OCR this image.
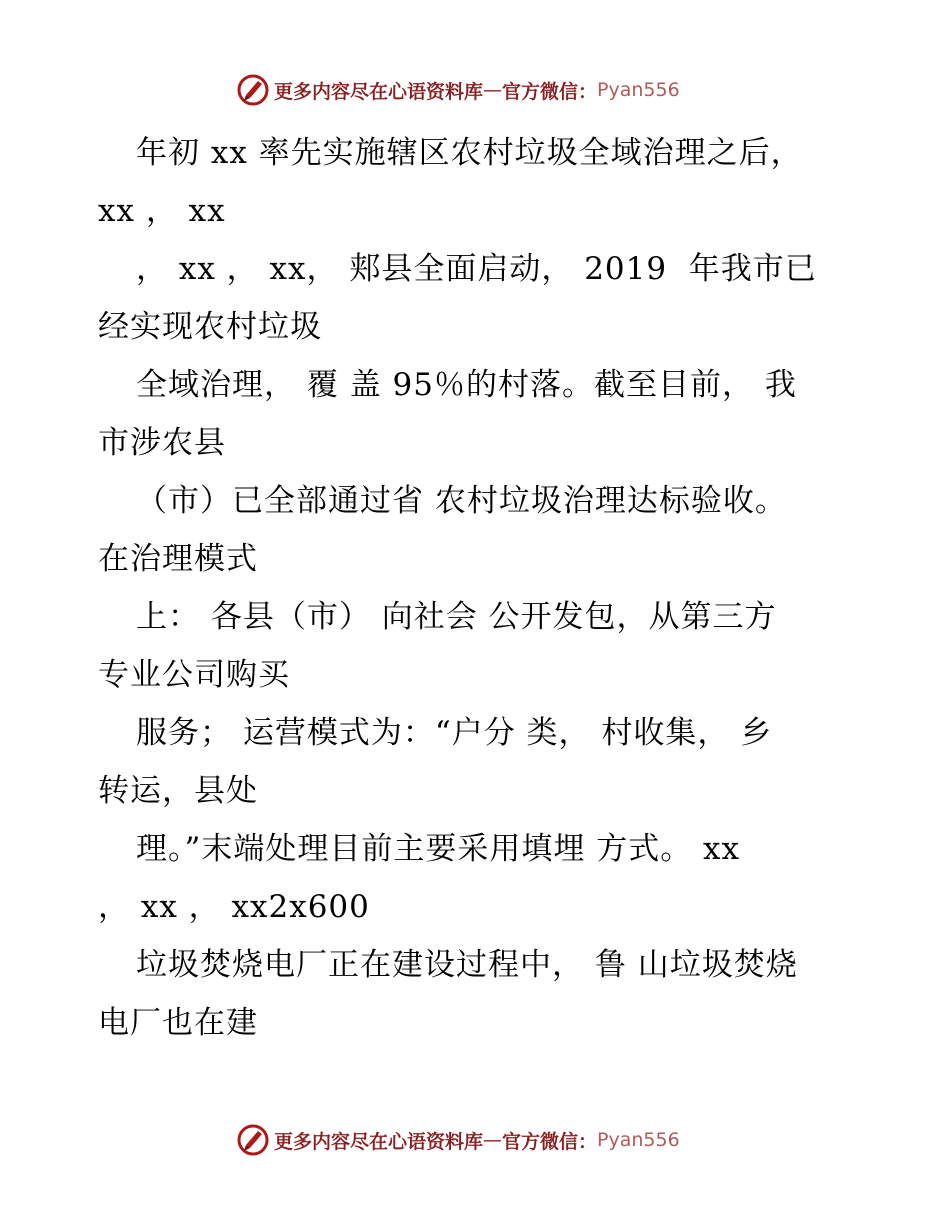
更多内容尽在心语资料库 — 官方微信： Pyan556
年初 xx 率先实施辖区农村垃圾全域治理之后，
xx ， xx
， xx ， xx， 郏县全面启动， 2019  年我市已
经实现农村垃圾
全域治理， 覆 盖 95％的村落。截至目前， 我
市涉农县
（市）已全部通过省 农村垃圾治理达标验收。
在治理模式
上： 各县（市） 向社会 公开发包，从第三方
专业公司购买
服务； 运营模式为：“户分 类， 村收集， 乡
转运，县处
理。”末端处理目前主要采用填埋 方式。 xx
， xx ， xx2x600
垃圾焚烧电厂正在建设过程中， 鲁 山垃圾焚烧
电厂也在建
更多内容尽在心语资料库 — 官方微信： Pyan556
